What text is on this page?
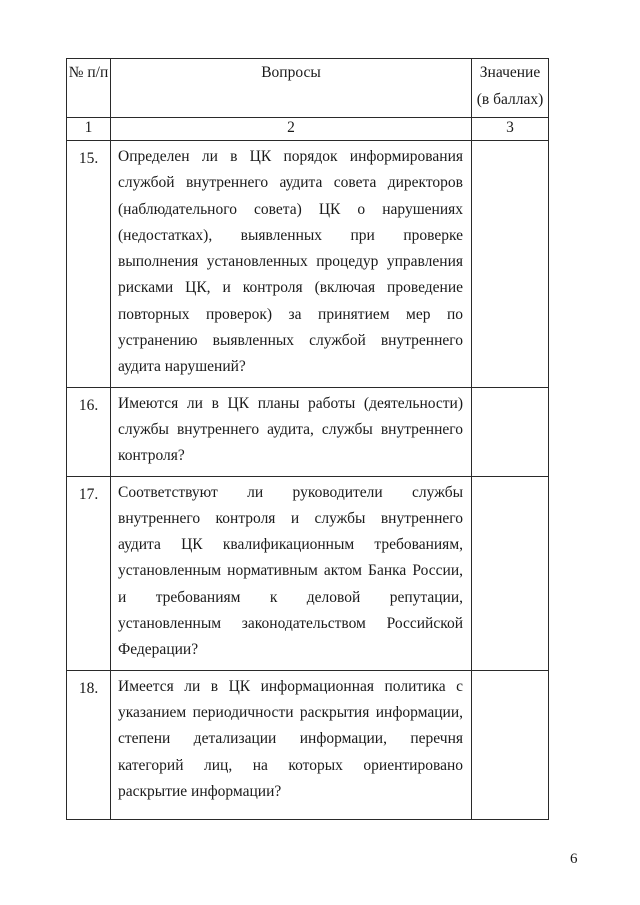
№ п/п	Вопросы	Значение (в баллах)

1	2	3
15.	Определен ли в ЦК порядок информирования службой внутреннего аудита совета директоров (наблюдательного совета) ЦК о нарушениях (недостатках), выявленных при проверке выполнения установленных процедур управления рисками ЦК, и контроля (включая проведение повторных проверок) за принятием мер по устранению выявленных службой внутреннего аудита нарушений?	
16.	Имеются ли в ЦК планы работы (деятельности) службы внутреннего аудита, службы внутреннего контроля?	
17.	Соответствуют ли руководители службы внутреннего контроля и службы внутреннего аудита ЦК квалификационным требованиям, установленным нормативным актом Банка России, и требованиям к деловой репутации, установленным законодательством Российской Федерации?	
18.	Имеется ли в ЦК информационная политика с указанием периодичности раскрытия информации, степени детализации информации, перечня категорий лиц, на которых ориентировано раскрытие информации?	
6
